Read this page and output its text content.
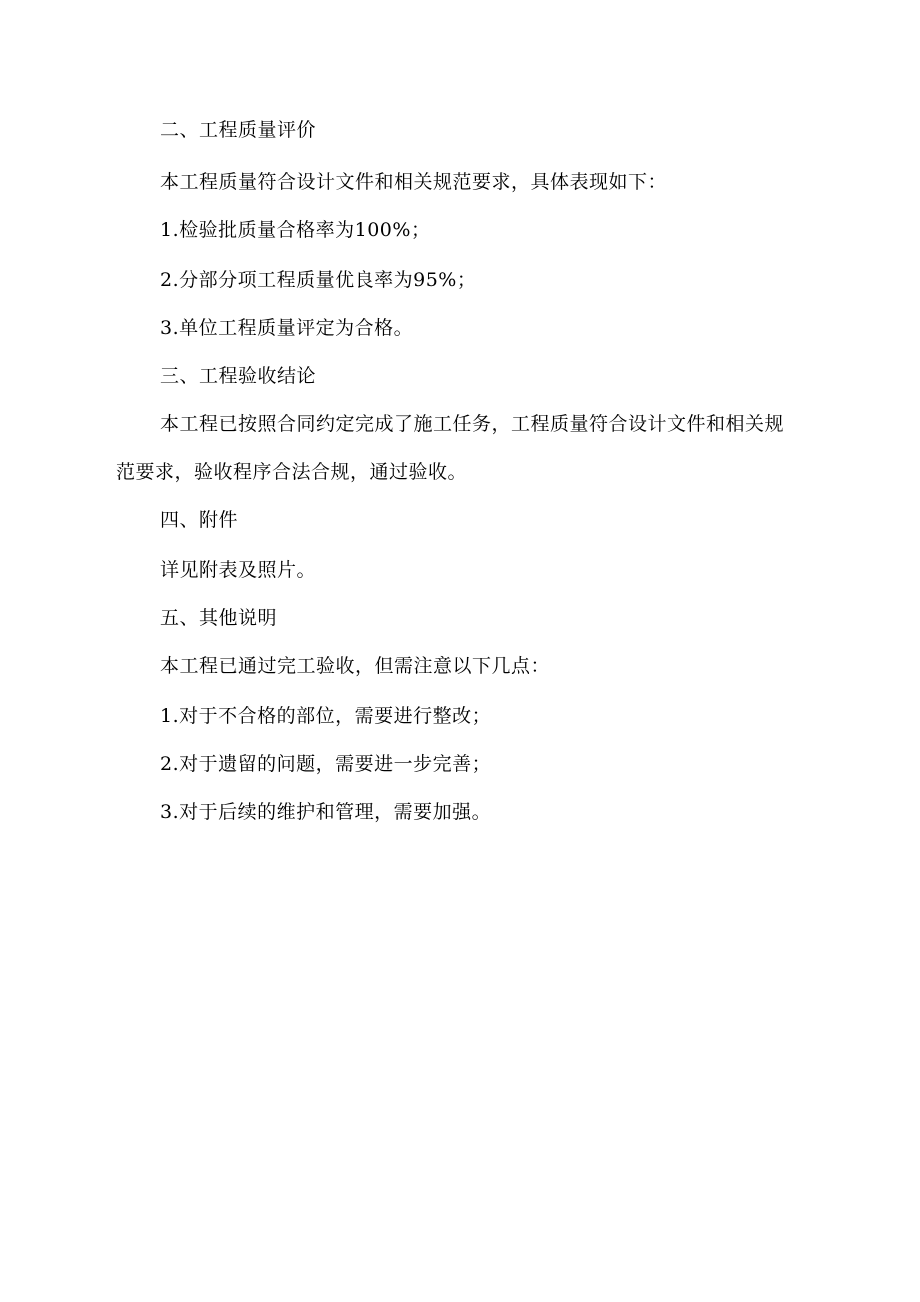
二、工程质量评价
本工程质量符合设计文件和相关规范要求，具体表现如下：
1.检验批质量合格率为100%；
2.分部分项工程质量优良率为95%；
3.单位工程质量评定为合格。
三、工程验收结论
本工程已按照合同约定完成了施工任务，工程质量符合设计文件和相关规
范要求，验收程序合法合规，通过验收。
四、附件
详见附表及照片。
五、其他说明
本工程已通过完工验收，但需注意以下几点：
1.对于不合格的部位，需要进行整改；
2.对于遗留的问题，需要进一步完善；
3.对于后续的维护和管理，需要加强。
